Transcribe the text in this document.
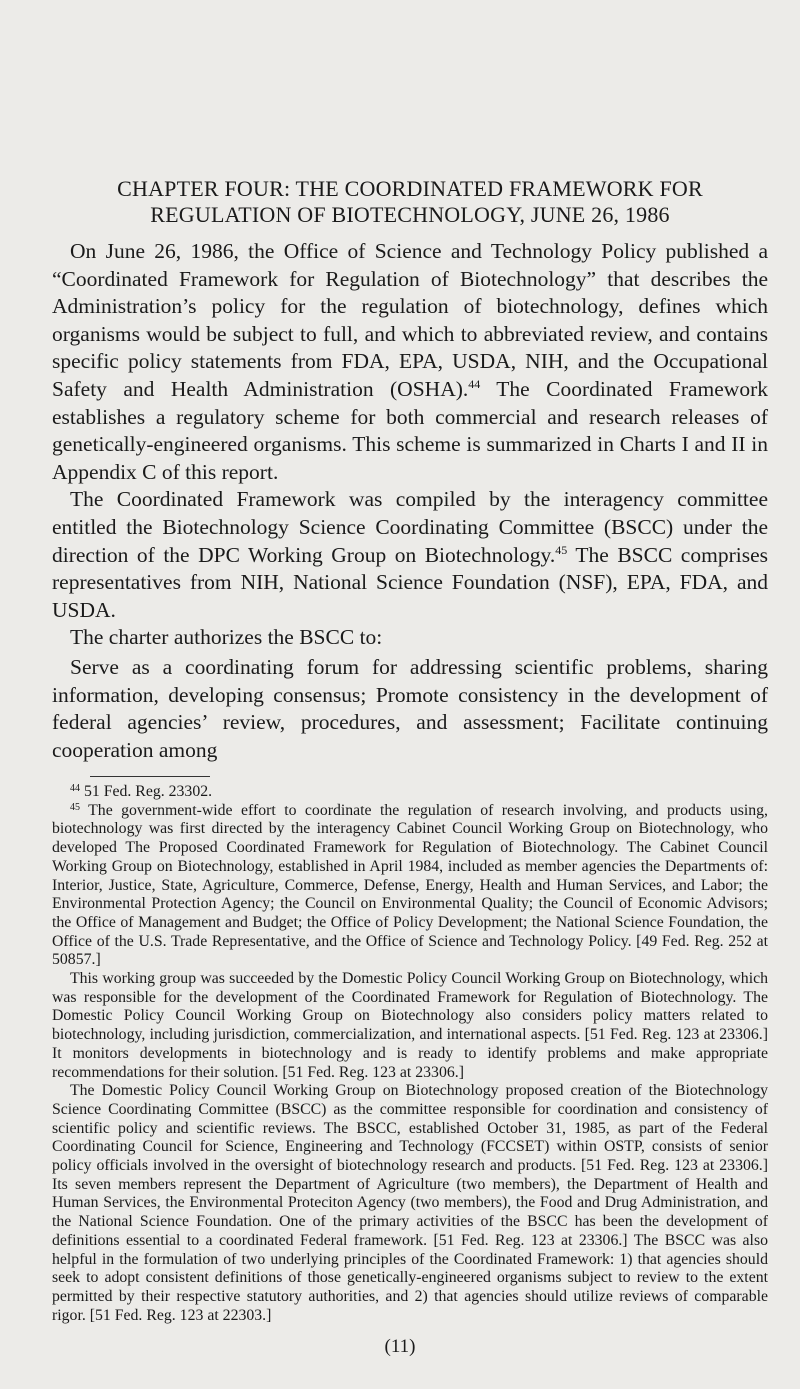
CHAPTER FOUR: THE COORDINATED FRAMEWORK FOR
REGULATION OF BIOTECHNOLOGY, JUNE 26, 1986

On June 26, 1986, the Office of Science and Technology Policy published a “Coordinated Framework for Regulation of Biotechnology” that describes the Administration’s policy for the regulation of biotechnology, defines which organisms would be subject to full, and which to abbreviated review, and contains specific policy statements from FDA, EPA, USDA, NIH, and the Occupational Safety and Health Administration (OSHA).$^{44}$ The Coordinated Framework establishes a regulatory scheme for both commercial and research releases of genetically-engineered organisms. This scheme is summarized in Charts I and II in Appendix C of this report.

The Coordinated Framework was compiled by the interagency committee entitled the Biotechnology Science Coordinating Committee (BSCC) under the direction of the DPC Working Group on Biotechnology.$^{45}$ The BSCC comprises representatives from NIH, National Science Foundation (NSF), EPA, FDA, and USDA.

The charter authorizes the BSCC to:

Serve as a coordinating forum for addressing scientific problems, sharing information, developing consensus; Promote consistency in the development of federal agencies’ review, procedures, and assessment; Facilitate continuing cooperation among

$^{44}$ 51 Fed. Reg. 23302.

$^{45}$ The government-wide effort to coordinate the regulation of research involving, and products using, biotechnology was first directed by the interagency Cabinet Council Working Group on Biotechnology, who developed The Proposed Coordinated Framework for Regulation of Biotechnology. The Cabinet Council Working Group on Biotechnology, established in April 1984, included as member agencies the Departments of: Interior, Justice, State, Agriculture, Commerce, Defense, Energy, Health and Human Services, and Labor; the Environmental Protection Agency; the Council on Environmental Quality; the Council of Economic Advisors; the Office of Management and Budget; the Office of Policy Development; the National Science Foundation, the Office of the U.S. Trade Representative, and the Office of Science and Technology Policy. [49 Fed. Reg. 252 at 50857.]

This working group was succeeded by the Domestic Policy Council Working Group on Biotechnology, which was responsible for the development of the Coordinated Framework for Regulation of Biotechnology. The Domestic Policy Council Working Group on Biotechnology also considers policy matters related to biotechnology, including jurisdiction, commercialization, and international aspects. [51 Fed. Reg. 123 at 23306.] It monitors developments in biotechnology and is ready to identify problems and make appropriate recommendations for their solution. [51 Fed. Reg. 123 at 23306.]

The Domestic Policy Council Working Group on Biotechnology proposed creation of the Biotechnology Science Coordinating Committee (BSCC) as the committee responsible for coordination and consistency of scientific policy and scientific reviews. The BSCC, established October 31, 1985, as part of the Federal Coordinating Council for Science, Engineering and Technology (FCCSET) within OSTP, consists of senior policy officials involved in the oversight of biotechnology research and products. [51 Fed. Reg. 123 at 23306.] Its seven members represent the Department of Agriculture (two members), the Department of Health and Human Services, the Environmental Proteciton Agency (two members), the Food and Drug Administration, and the National Science Foundation. One of the primary activities of the BSCC has been the development of definitions essential to a coordinated Federal framework. [51 Fed. Reg. 123 at 23306.] The BSCC was also helpful in the formulation of two underlying principles of the Coordinated Framework: 1) that agencies should seek to adopt consistent definitions of those genetically-engineered organisms subject to review to the extent permitted by their respective statutory authorities, and 2) that agencies should utilize reviews of comparable rigor. [51 Fed. Reg. 123 at 22303.]

(11)
